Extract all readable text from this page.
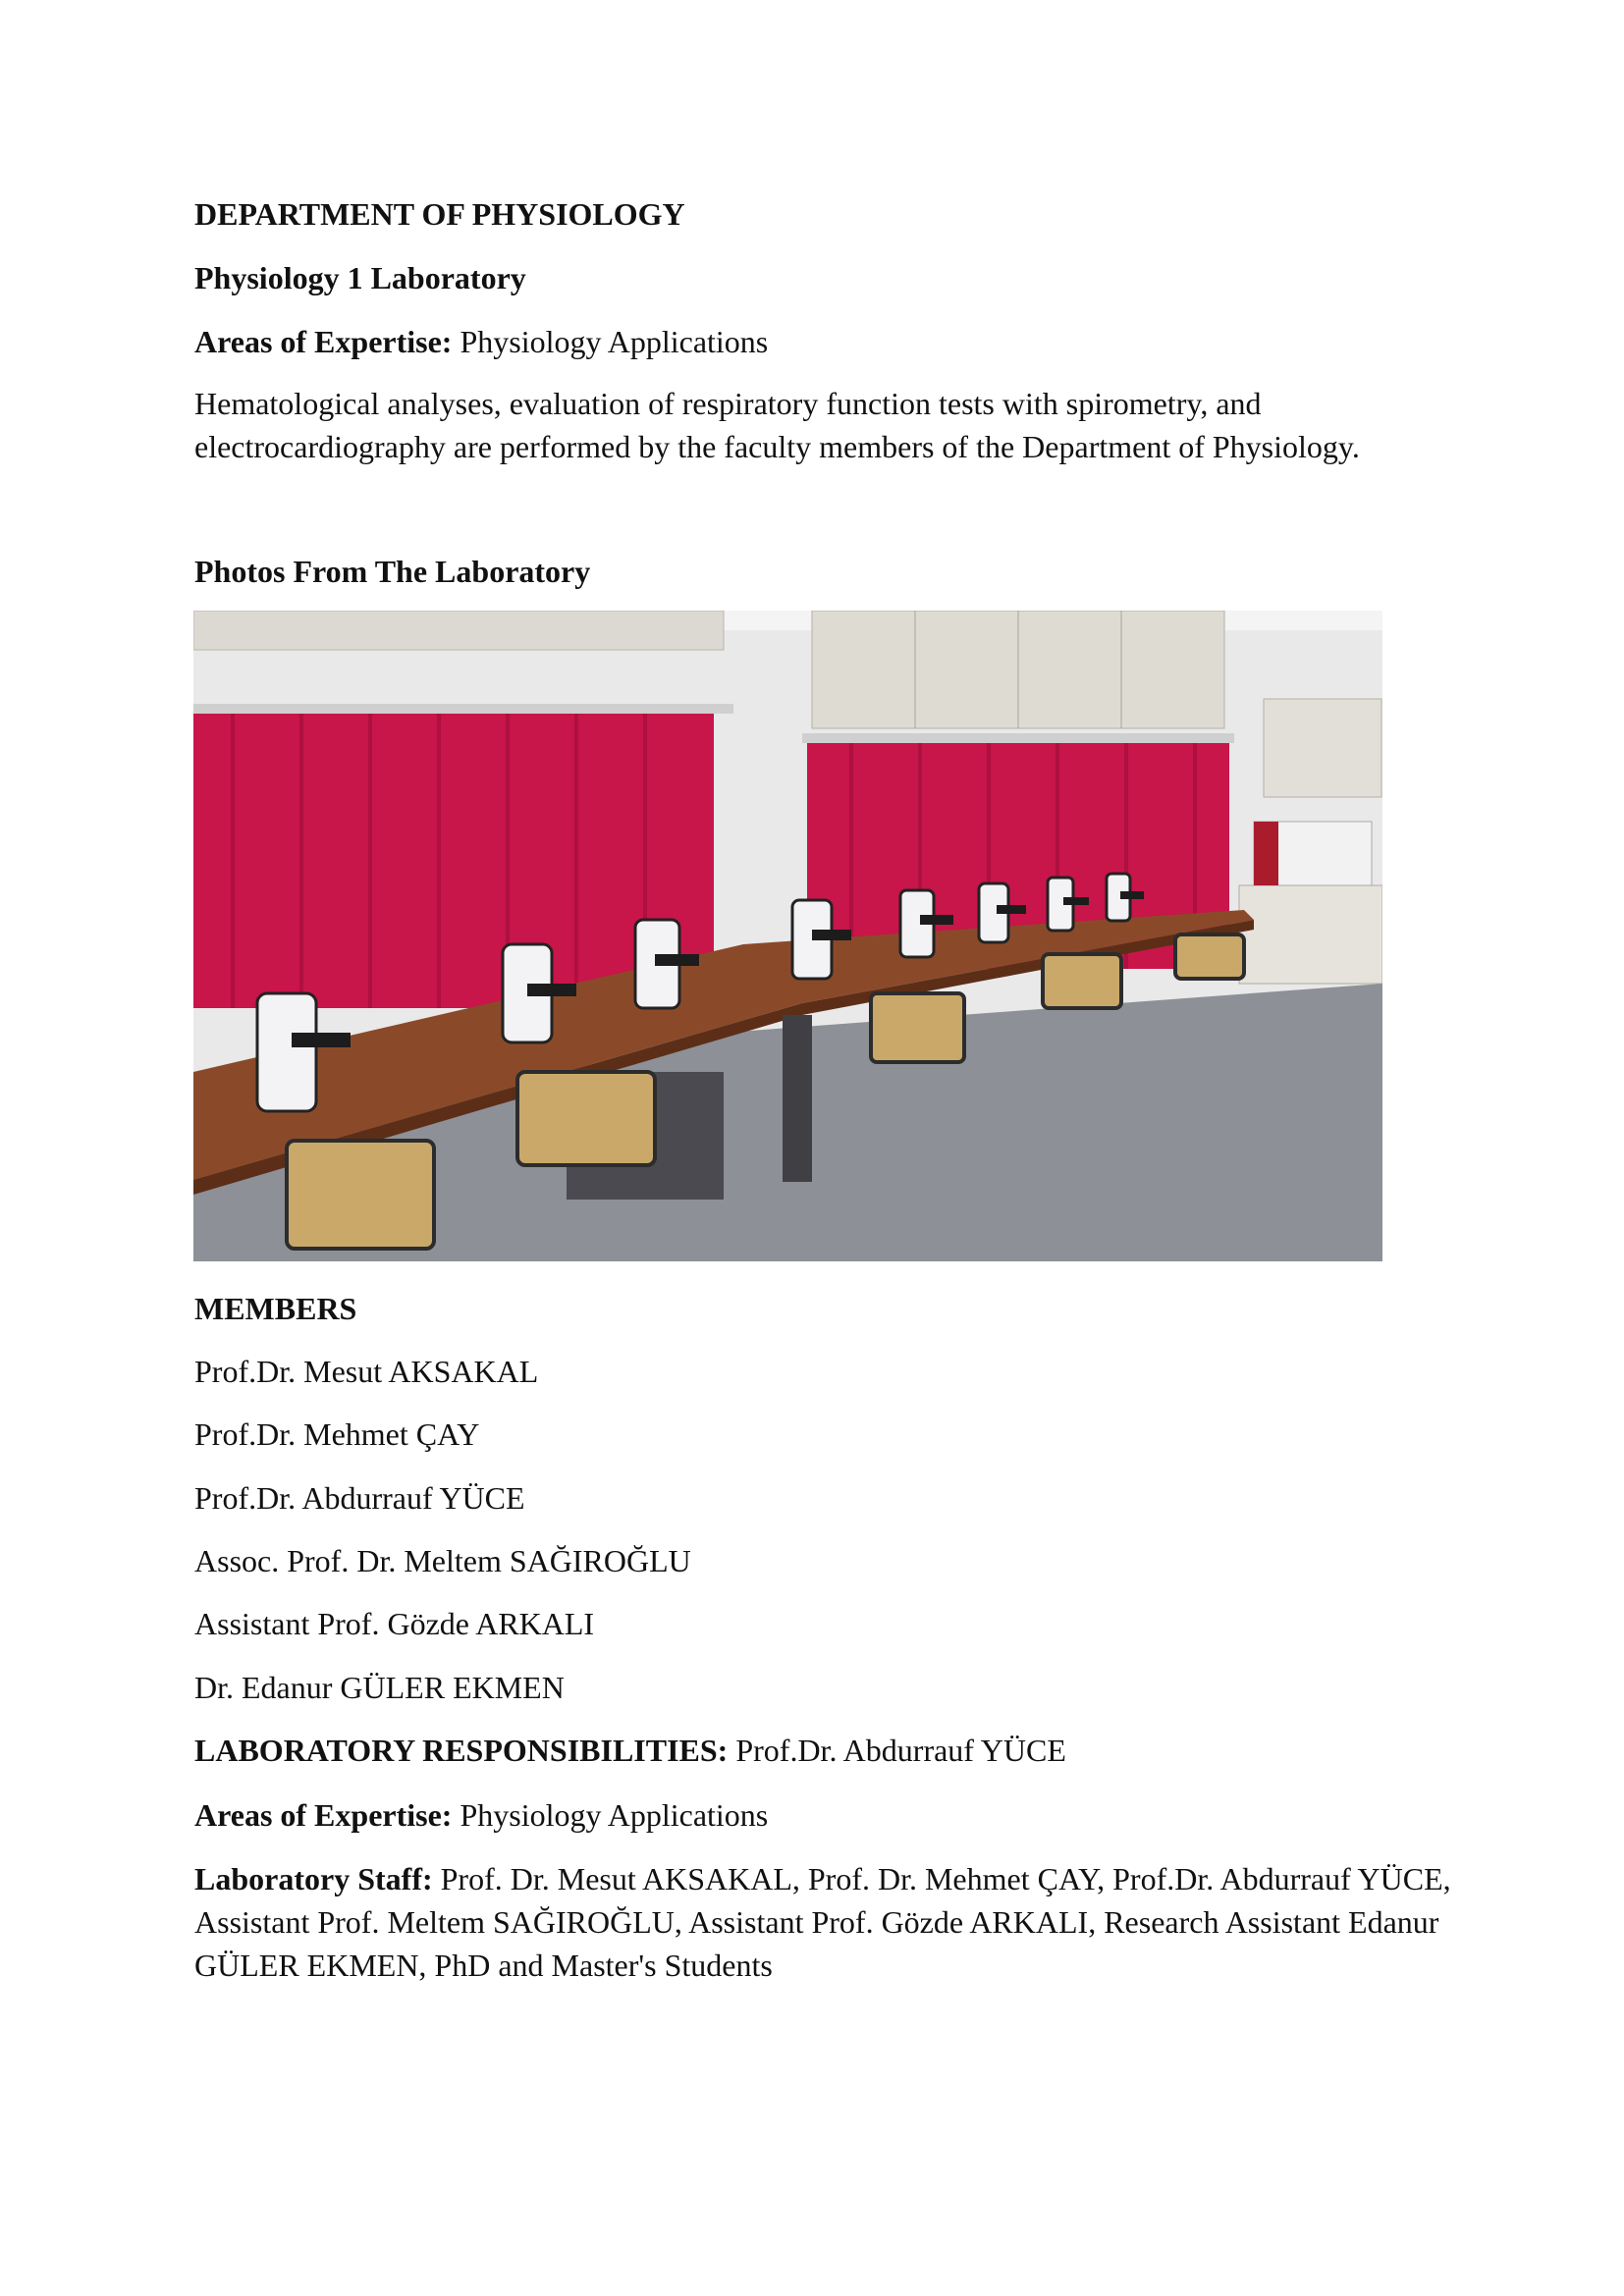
DEPARTMENT OF PHYSIOLOGY
Physiology 1 Laboratory
Areas of Expertise: Physiology Applications
Hematological analyses, evaluation of respiratory function tests with spirometry, and electrocardiography are performed by the faculty members of the Department of Physiology.
Photos From The Laboratory
MEMBERS
Prof.Dr. Mesut AKSAKAL
Prof.Dr. Mehmet ÇAY
Prof.Dr. Abdurrauf YÜCE
Assoc. Prof. Dr. Meltem SAĞIROĞLU
Assistant Prof. Gözde ARKALI
Dr. Edanur GÜLER EKMEN
LABORATORY RESPONSIBILITIES: Prof.Dr. Abdurrauf YÜCE
Areas of Expertise: Physiology Applications
Laboratory Staff: Prof. Dr. Mesut AKSAKAL, Prof. Dr. Mehmet ÇAY, Prof.Dr. Abdurrauf YÜCE, Assistant Prof. Meltem SAĞIROĞLU, Assistant Prof. Gözde ARKALI, Research Assistant Edanur GÜLER EKMEN, PhD and Master's Students
